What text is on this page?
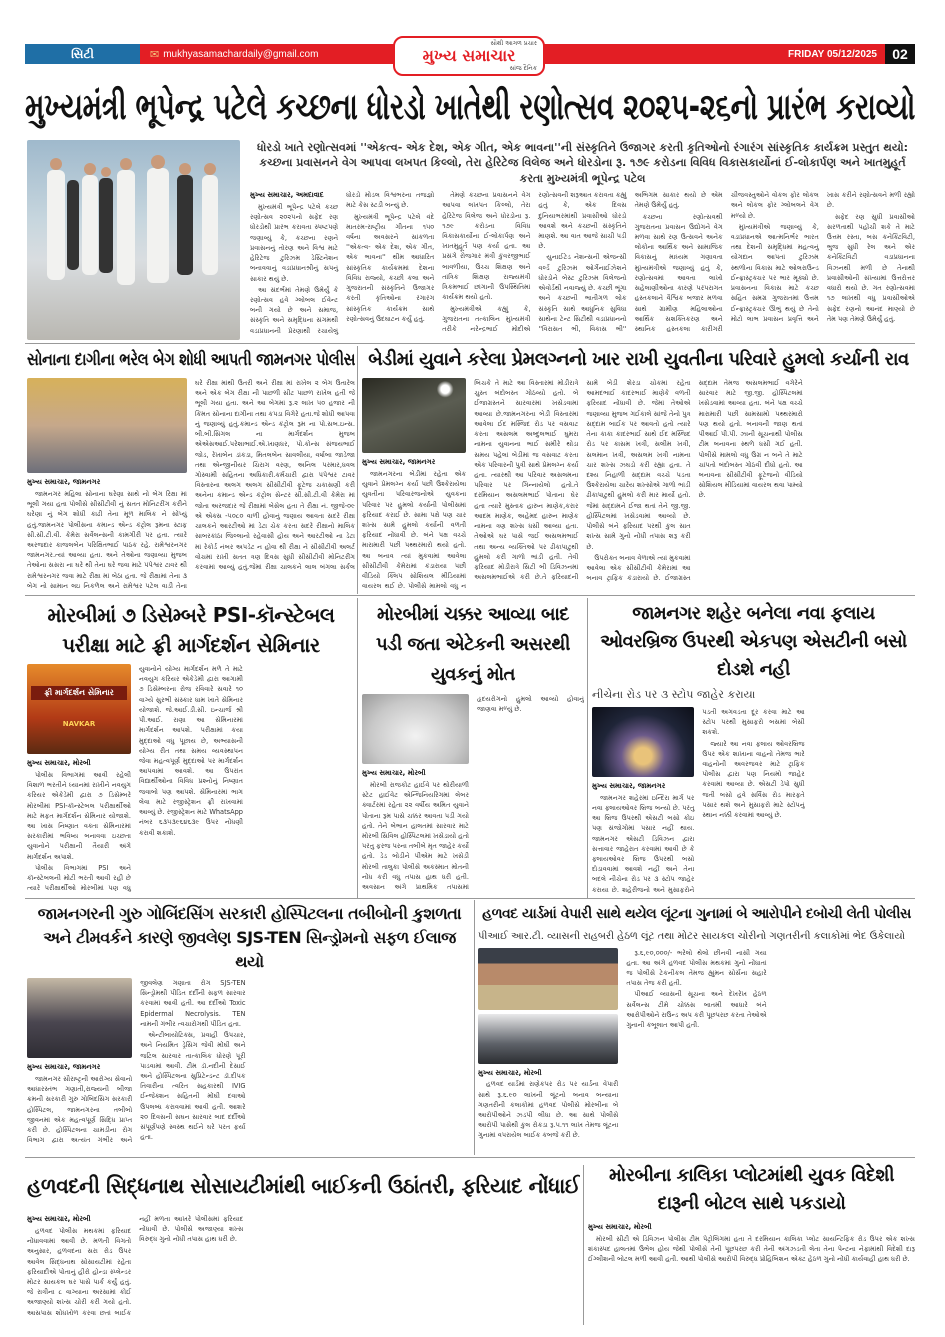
સિટી	✉ mukhyasamachardaily@gmail.com
સૌથી આગળ પ્રચાર
મુખ્ય સમાચાર
સાંજ દૈનિક
FRIDAY 05/12/2025	02
મુખ્યમંત્રી ભૂપેન્દ્ર પટેલે કચ્છના ધોરડો ખાતેથી રણોત્સવ ૨૦૨૫-૨૬નો પ્રારંભ કરાવ્યો
ધોરડો ખાતે રણોત્સવમાં ''એકત્વ- એક દેશ, એક ગીત, એક ભાવના''ની સંસ્કૃતિને ઉજાગર કરતી કૃતિઓનો રંગારંગ સાંસ્કૃતિક કાર્યક્રમ પ્રસ્તુત થયો: કચ્છના પ્રવાસનને વેગ આપવા લખપત કિલ્લો, તેરા હેરિટેજ વિલેજ અને ધોરડોના રૂ. ૧૭૯ કરોડના વિવિધ વિકાસકાર્યોનાં ઈ-લોકાર્પણ અને ખાતમુહૂર્ત કરતા મુખ્યમંત્રી ભૂપેન્દ્ર પટેલ
મુખ્ય સમાચાર, અમદાવાદ

મુખ્યમંત્રી ભૂપેન્દ્ર પટેલે કચ્છ રણોત્સવ ૨૦૨૫નો સફેદ રણ ધોરડોથી પ્રારંભ કરાવતા સ્પષ્ટપણે જણાવ્યું કે, કચ્છના રણને પ્રવાસનનું તોરણ અને વિશ્વ માટે હેરિટેજ ટુરિઝમ ડેસ્ટિનેશન બનાવવાનું વડાપ્રધાનશ્રીનું સપનું સાકાર થયું છે.

આ સંદર્ભમાં તેમણે ઉમેર્યું કે રણોત્સવ હવે ગ્લોબલ ઈવેન્ટ બની ગયો છે અને સમાજ, સંસ્કૃતિ અને સમૃદ્ધિના સંગમથી વડાપ્રધાનની પ્રેરણાથી રચાયેલું ધોરડો મોડલ વિશ્વભરના તજજ્ઞો માટે કેસ સ્ટડી બન્યું છે.

મુખ્યમંત્રી ભૂપેન્દ્ર પટેલે વંદે માતરમ-રાષ્ટ્રીય ગીતના ૧૫૦ વર્ષના અવસરને સાંકળતા ''એકત્વ- એક દેશ, એક ગીત, એક ભાવના'' થીમ આધારિત સાંસ્કૃતિક કાર્યક્રમમાં દેશના વિવિધ રાજ્યો, કચ્છી કલા અને ગુજરાતની સંસ્કૃતિને ઉજાગર કરતી કૃતિઓના રંગારંગ સાંસ્કૃતિક કાર્યક્રમ સાથે રણોત્સવનું ઉદઘાટન કર્યું હતું.

તેમણે કચ્છના પ્રવાસનને વેગ આપવા લખપત કિલ્લો, તેરા હેરિટેજ વિલેજ અને ધોરડોના રૂ. ૧૭૯ કરોડના વિવિધ વિકાસકાર્યોના ઈ-લોકાર્પણ અને ખાતમુહૂર્ત પણ કર્યા હતા. આ પ્રસંગે રોજગાર મંત્રી કુંવરજીભાઈ બાવળીયા, ઉચ્ચ શિક્ષણ અને તાંત્રિક શિક્ષણ રાજ્યમંત્રી ત્રિકમભાઈ છાંગાની ઉપસ્થિતિમાં કાર્યક્રમ થયો હતો.

મુખ્યમંત્રીએ કહ્યું કે, ગુજરાતના તત્કાલિન મુખ્યમંત્રી તરીકે નરેન્દ્રભાઈ મોદીએ રણોત્સવની શરૂઆત કરાવતા કહ્યું હતું કે, એક દિવસ દુનિયાભરમાંથી પ્રવાસીઓ ધોરડો આવશે અને કચ્છની સંસ્કૃતિને માણશે. આ વાત આજે સાચી પડી છે.

યુનાઈટેડ નેશન્સની એજન્સી વર્લ્ડ ટુરિઝમ ઓર્ગેનાઈઝેશને ધોરડોને બેસ્ટ ટુરિઝમ વિલેજનો એવોર્ડથી નવાજ્યું છે. કચ્છી ભૂંગા અને કચ્છની ભાતીગળ લોક સંસ્કૃતિ સાથે આધુનિક સુવિધા સાથેના ટેન્ટ સિટીથી વડાપ્રધાનનો ''વિરાસત ભી, વિકાસ ભી'' અભિગમ સાકાર થયો છે એમ તેમણે ઉમેર્યું હતું.

કચ્છના રણોત્સવથી ગુજરાતના પ્રવાસન ઉદ્યોગને વેગ મળવા સાથે રણ ઉત્સવને અનેક લોકોના આર્થિક અને સામાજિક વિકાસનું માધ્યમ ગણાવતા મુખ્યમંત્રીએ જણાવ્યું હતું કે, રણોત્સવમાં આવતા લાખો સહેલાણીઓના કારણે પરંપરાગત હસ્તકલાને વૈશ્વિક બજાર મળવા સાથે ગ્રામીણ મહિલાઓના આર્થિક સશક્તિકરણ અને સ્થાનિક હસ્તકલા કારીગરી ચીજવસ્તુઓને વોકલ ફોર લોકલ અને લોકલ ફોર ગ્લોબલને વેગ મળ્યો છે.

મુખ્યમંત્રીએ જણાવ્યું કે, વડાપ્રધાનએ આત્મનિર્ભર ભારત તથા દેશની સમૃદ્ધિમાં મહત્વનું યોગદાન આપતાં ટુરિઝમ સ્થળોના વિકાસ માટે ઓલરાઉન્ડ ઈન્ફ્રાસ્ટ્રક્ચર પર ભાર મૂક્યો છે. પ્રવાસનના વિકાસ માટે કચ્છ સહિત સમગ્ર ગુજરાતમાં ઉત્તમ ઈન્ફ્રાસ્ટ્રક્ચર ઊભું થયું છે તેનો મોટો લાભ પ્રવાસન પ્રવૃત્તિ અને ખાસ કરીને રણોત્સવને મળી રહ્યો છે.

સફેદ રણ સુધી પ્રવાસીઓ સરળતાથી પહોંચી શકે તે માટે ઉત્તમ રસ્તા, બસ કનેક્ટિવિટી, ભુજ સુધી રેલ અને એર કનેક્ટિવિટી વડાપ્રધાનના વિઝનથી મળી છે તેનાથી પ્રવાસીઓની સંખ્યામાં ઉત્તરોત્તર વધારો થયો છે. ગત રણોત્સવમાં ૧૭ લાખથી વધુ પ્રવાસીઓએ સફેદ રણનો આનંદ માણ્યો છે તેમ પણ તેમણે ઉમેર્યું હતું.

સોનાના દાગીના ભરેલ બેગ શોધી આપતી જામનગર પોલીસ
મુખ્ય સમાચાર, જામનગર

જામનગર મહિલા સોનાના ઘરેણા સાથે નો બેગ રિક્ષા માં ભૂલી ગયા હતા પોલીસે સીસીટીવી નું સતત મોનિટરીંગ કરીને ઘરેણા નું બેગ શોધી કાઢી તેના મૂળ માલિક ને સોંપ્યું હતું.જામનગર પોલીસના કમાન્ડ એન્ડ કંટ્રોલ રૂમના સ્ટાફ સી.સી.ટી.વી. કેમેરા સર્વેલન્સની કામગીરી પર હતા. ત્યારે અરજદાર કાજલબેન પરિક્ષિતભાઈ પાઠક રહે. રામેશ્વરનગર જામનગર.ત્યાં આવ્યા હતા. અને તેઓના જણાવ્યા મુજબ તેઓના સસરા ના ઘરે થી તેના ઘરે જવા માટે પંપેશ્વર ટાવર થી રામેશ્વરનગર જવા માટે રીક્ષા માં બેઠા હતા. જે રીક્ષામાં તેના ૩ બેગ નો સામાન લઇ નિકળેલ અને રામેશ્વર પટેલ વાડી તેના ઘરે રીક્ષા માંથી ઉતરી અને રીક્ષા માં રાખેલ ૨ બેગ ઉતારેલ અને એક બેગ રીક્ષા ની પાછળી સીટ પાછળ રાખેલ હતી જે ભૂલી ગયા હતા. અને આ બેગમાં રૂ.૨ લાખ ૫૦ હજાર ની કિંમત સોનાના દાગીના તથા કપડા વિગેરે હતા.જે શોધી આપવા નું જણાવ્યું હતું.કમાન્ડ એન્ડ કંટ્રોલ રૂમ ના પો.સબ.ઇન્સ. બી.બી.સિંગલ ના માર્ગદર્શન મુજબ એએસઆઈ.પરેશાભાઈ.એ.ખાણધર, પો.કોન્સ સંજયભાઈ જોડ, રેખાબેન ડાંકડા, મિતલબેન સાવલીયા, વર્ષાબા જાડેજા તથા એન્જીનીયર ચિરાગ વરણ, અનિલ પરમાર,ધવલ ગોસ્વામી સહિતના અધિકારી.કર્મચારી દ્વારા પંપેશ્વર ટાવર વિસ્તારના અલગ અલગ સીસીટીવી ફૂટેજ ચકાસણી કરી અનેના કમાન્ડ એન્ડ કંટ્રોલ સેન્ટર સી.સી.ટી.વી કેમેરા માં જોતા અરજદાર જે રીક્ષામાં બેસેલ હતા તે રીક્ષા નં. જીજે-૦૯ એ એક્સ -૫૦૮૦ વાળી હોવાનું જણાય આવતા સદરે રીક્ષા ચાલકને આરટીઓ માં ડેટા ચેક કરતા સદરે રીક્ષાનો માલિક સાબરકાંઠા જિલ્લાનો રહેવાસી હોય અને આરટીઓ ના ડેટા માં રેકોર્ડ નંબર અપડેટ ન હોવા થી રીક્ષા ને સીસીટીવી અલર્ટ વોચમાં રાખી સતત ત્રણ દિવસ સુધી સીસીટીવી મોનિટરીંગ કરવામાં આવ્યું હતું.જેમાં રીક્ષા ચાલકને લાલ બંગલા સર્કલ

બેડીમાં યુવાને કરેલા પ્રેમલગ્નનો ખાર રાખી યુવતીના પરિવારે હુમલો કર્યાની રાવ
મુખ્ય સમાચાર, જામનગર

જામનગરના બેડીમાં રહેતા એક યુવાને પ્રેમલગ્ન કર્યા પછી ઉશ્કેરાયેલા યુવતીના પરિવારજનોએ યુવકના પરિવાર પર હુમલો કર્યાની પોલીસમાં ફરિયાદ કરાઈ છે. સામા પક્ષે પણ ચાર શખ્સ સામે હુમલો કર્યાની વળતી ફરિયાદ નોંધાવી છે. બંને પક્ષ વચ્ચે મારામારી પછી પથ્થરમારો થયો હતો. આ બનાવ ત્યાં મુકવામાં આવેલા સીસીટીવી કેમેરામાં કંડારાયા પછી વીડિયો ક્લિપ સોશિયલ મીડિયામાં વાયરલ થઈ છે. પોલીસે મામલો વધુ ન બિચકે તે માટે આ વિસ્તારમાં મોડીરાત્રે ચુસ્ત બંદોબસ્ત ગોઠવ્યો હતો. બે ઈજાગ્રસ્તને સારવારમાં ખસેડવામાં આવ્યા છે.જામનગરના બેડી વિસ્તારમાં આવેલા ઈદ મસ્જિદ રોડ પર વસવાટ કરતા અસલમ અબ્દુલભાઈ ઘુમરા નામના યુવાનના ભાઈ સમીરે થોડા સમય પહેલાં બેડીમાં જ વસવાટ કરતા એક પરિવારની પુત્રી સાથે પ્રેમલગ્ન કર્યા હતા. ત્યારથી આ પરિવાર અસલમના પરિવાર પર ગિન્નાયેલો હતો.તે દરમિયાન અસલમભાઈ પોતાના ઘેર હતા ત્યારે મુસ્તાક હારુન માણેક,કરાર આદમ માણેક, અહેમદ હારુન માણેક નામના ત્રણ શખ્સ ધસી આવ્યા હતા. તેઓએ ઘર પાસે જઈ અસલમભાઈ તથા અન્ય વ્યક્તિઓ પર ઢીકાપાટુથી હુમલો કરી ગાળો ભાંડી હતી. તેવી ફરિયાદ મોડીરાત્રે સિટી બી ડિવિઝનમાં અસલમભાઈએ કરી છે.તે ફરિયાદની સામે બેડી શેરડા ચોકમાં રહેતા આમદભાઈ કાદરભાઈ માણેકે વળતી ફરિયાદ નોંધાવી છે. જેમાં તેઓએ જણાવ્યા મુજબ ગઈકાલે સાંજે તેનો પુત્ર સદ્દામ બાઈક પર આવતો હતો ત્યારે તેના કાકા કાદરભાઈ સાથે ઈદ મસ્જિદ રોડ પર કાસમ ખત્રી, સલીમ ખત્રી, સલમાન ખત્રી, અસલમ ખત્રી નામના ચાર શખ્સ ઝઘડો કરી રહ્યા હતા. તે દશ્ય નિહાળી સદ્દામ વચ્ચે પડતા ઉશ્કેરાયેલા ચારેય શખ્સોએ ગાળો ભાંડી ઢીકાપાટુથી હુમલો કરી માર માર્યો હતો. જેમાં સદ્દામને ઈજા થતાં તેને જી.જી. હોસ્પિટલમાં ખસેડવામાં આવ્યો છે. પોલીસે બંને ફરિયાદ પરથી કુલ સાત શખ્સ સામે ગુનો નોંધી તપાસ શરૂ કરી છે.

ઉપરોક્ત બનાવ વેળાએ ત્યાં મુકવામાં આવેલા એક સીસીટીવી કેમેરામાં આ બનાવ ટ્રાફિક કંડારાયો છે. ઈજાગ્રસ્ત સદ્દામ તેમજ અસલમભાઈ વગેરેને સારવાર માટે જી.જી. હોસ્પિટલમાં ખસેડવામાં આવ્યા હતા. બંને પક્ષ વચ્ચે મારામારી પછી સામસામો પથ્થરમારો પણ થયો હતો. બનાવની જાણ થતાં પીઆઈ પી.પી. ઝાની સૂચનાથી પોલીસ ટીમ બનાવના સ્થળે ધસી ગઈ હતી. પોલીસે મામલો વધુ ઉગ્ર ન બને તે માટે ચાંપતો બંદોબસ્ત ગોઠવી દીધો હતો. આ બનાવના સીસીટીવી ફૂટેજનો વીડિયો સોશિયલ મીડિયામાં વાયરલ થવા પામ્યો છે.

મોરબીમાં ૭ ડિસેમ્બરે PSI-કૉન્સ્ટેબલ પરીક્ષા માટે ફ્રી માર્ગદર્શન સેમિનાર
ફ્રી માર્ગદર્શન સેમિનાર
NAVKAR
મુખ્ય સમાચાર, મોરબી

પોલીસ વિભાગમાં આવી રહેલી વિશાળ ભરતીને ધ્યાનમાં રાખીને નવયુગ કરિયર એકેડેમી દ્વારા ૭ ડિસેમ્બરે મોરબીમાં PSI-કૉન્સ્ટેબલ પરીક્ષાર્થીઓ માટે મફત માર્ગદર્શન સેમિનાર યોજાશે. આ ખાસ નિષ્ણાત વક્તા સેમિનારમાં સરકારીમાં ભવિષ્ય બનાવવા ઇચ્છતા યુવાનોને પરીક્ષાની તૈયારી અંગે માર્ગદર્શન અપાશે.

પોલીસ વિભાગમાં PSI અને કૉન્સ્ટેબલની મોટી ભરતી આવી રહી છે ત્યારે પરીક્ષાર્થીઓ મોરબીમાં પણ વધુ યુવાનોને યોગ્ય માર્ગદર્શન મળે તે માટે નવયુગ કરિયર એકેડેમી દ્વારા આગામી ૭ ડિસેમ્બરના રોજ રવિવારે સવારે ૧૦ વાગ્યે સુરભી સંસ્કાર ધામ ખાતે સેમિનાર યોજાશે. જે.આઈ.ડી.સી. ઇન્ચાર્જ શ્રી પી.આઈ. રાણા આ સેમિનારમાં માર્ગદર્શન આપશે. પરીક્ષામાં કયા મુદ્દાઓ વધુ પૂછાય છે, અભ્યાસની યોગ્ય રીત તથા સમય વ્યવસ્થાપન જેવા મહત્વપૂર્ણ મુદ્દાઓ પર માર્ગદર્શન આપવામાં આવશે. આ ઉપરાંત વિદ્યાર્થીઓના વિવિધ પ્રશ્નોનું નિષ્ણાત જવાબો પણ આપશે. સેમિનારમાં ભાગ લેવા માટે રજીસ્ટ્રેશન ફ્રી રાખવામાં આવ્યું છે. રજીસ્ટ્રેશન માટે WhatsApp નંબર ૬૩૫૩૯૬૪૬૩૯ ઉપર નોંધણી કરાવી શકાશે.

મોરબીમાં ચક્કર આવ્યા બાદ પડી જતા એટેકની અસરથી યુવકનું મોત
મુખ્ય સમાચાર, મોરબી

મોરબી રાજકોટ હાઈવે પર થોરીયાળી સ્ટેટ હાઈવેટ એન્જિનિયરિંગમાં લેબર ક્વાર્ટરમાં રહેતા ૨૨ વર્ષીય અમિત યુવાને પોતાના રૂમ પાસે ચક્કર આવતા પડી ગયો હતો. તેને બેભાન હાલતમાં સારવાર માટે મોરબી સિવિલ હોસ્પિટલમાં ખસેડાયો હતો પરંતુ ફરજ પરના તબીબે મૃત જાહેર કર્યો હતો. ડેડ બોડીને પીએમ માટે ખસેડી મોરબી તાલુકા પોલીસે અકસ્માત મોતની નોંધ કરી વધુ તપાસ હાથ ધરી હતી. અવસાન અંગે પ્રાથમિક તપાસમાં હૃદયરોગનો હુમલો આવ્યો હોવાનું જાણવા મળ્યું છે.

જામનગર શહેર બનેલા નવા ફલાય ઓવરબ્રિજ ઉપરથી એકપણ એસટીની બસો દોડશે નહી
નીચેના રોડ પર ૩ સ્ટોપ જાહેર કરાયા
મુખ્ય સમાચાર, જામનગર

જામનગર શહેરમાં ઇન્દિરા માર્ગ પર નવા ફ્લાયઓવર બ્રિજ બન્યો છે. પરંતુ આ બ્રિજ ઉપરથી એસટી બસો કોઇ પણ સંજોગોમાં પસાર નહીં થાય. જામનગર એસટી ડિવિઝન દ્વારા સત્તાવાર જાહેરાત કરવામાં આવી છે કે ફ્લાયઓવર બ્રિજ ઉપરથી બસો દોડાવવામાં આવશે નહીં અને તેના બદલે નીચેના રોડ પર ૩ સ્ટોપ જાહેર કરાયા છે. શહેરીજનો અને મુસાફરોને પડતી અગવડતા દૂર કરવા માટે આ સ્ટોપ પરથી મુસાફરો બસમાં બેસી શકશે.

જ્યારે આ નવા ફલાય ઓવરબ્રિજ ઉપર એક શાખાના વાહનો તેમજ ભારે વાહનોની અવરજવર માટે ટ્રાફિક પોલીસ દ્વારા પણ નિયમો જાહેર કરવામાં આવ્યા છે. એસટી ડેપો સુધી જતી બસો હવે સર્વિસ રોડ મારફતે પસાર થશે અને મુસાફરો માટે સ્ટોપનું સ્થાન નક્કી કરવામાં આવ્યું છે.

જામનગરની ગુરુ ગોબિંદસિંગ સરકારી હોસ્પિટલના તબીબોની કુશળતા અને ટીમવર્કને કારણે જીવલેણ SJS-TEN સિન્ડ્રોમનો સફળ ઈલાજ થયો
મુખ્ય સમાચાર, જામનગર

જામનગર સૌરાષ્ટ્રની આરોગ્ય સેવાનો આધારસ્તંભ ગણાતી,રાજ્યની બીજા ક્રમની સરકારી ગુરુ ગોબિંદસિંગ સરકારી હોસ્પિટલ, જામનગરના તબીબો જીવનમાં એક મહત્વપૂર્ણ સિદ્ધિ પ્રાપ્ત કરી છે. હોસ્પિટલના ચામડીના રોગ વિભાગ દ્વારા અત્યંત ગંભીર અને જીવલેણ ગણાતા રોગ SJS-TEN સિન્ડ્રોમથી પીડિત દર્દીની સફળ સારવાર કરવામાં આવી હતી. આ દર્દીઓ Toxic Epidermal Necrolysis. TEN નામની ગંભીર ત્વચારોગથી પીડિત હતા.

એન્ટીબાયોટિક્સ, પ્રવાહી ઉપચાર, અને નિયમિત ડ્રેસિંગ જેવી મોંઘી અને જટિલ સારવાર તાત્કાલિક ધોરણે પૂરી પાડવામાં આવી. ટીમ ડૉ.નદીની દેસાઈ અને હોસ્પિટલના સુપ્રિટેન્ડન્ટ ડૉ.દીપક તિવારીના ત્વરિત સહકારથી IVIG ઈન્જેક્શન સહિતની મોંઘી દવાઓ ઉપલબ્ધ કરાવવામાં આવી હતી. આશરે ૨૦ દિવસની સઘન સારવાર બાદ દર્દીઓ સંપૂર્ણપણે સ્વસ્થ થઈને ઘરે પરત ફર્યા હતા.

હળવદ યાર્ડમાં વેપારી સાથે થયેલ લૂંટના ગુનામાં બે આરોપીને દબોચી લેતી પોલીસ
પીઆઈ આર.ટી. વ્યાસની રાહબરી હેઠળ લૂંટ તથા મોટર સાયકલ ચોરીનો ગણતરીની કલાકોમાં ભેદ ઉકેલાયો
મુખ્ય સમાચાર, મોરબી

હળવદ યાર્ડમાં રાણેકપર રોડ પર યાર્ડના વેપારી સાથે રૂ.૬.૯૦ લાખની લૂંટનો બનાવ બન્યાના ગણતરીની કલાકોમાં હળવદ પોલીસે મોરબીના બે આરોપીઓને ઝડપી લીધા છે. આ સાથે પોલીસે આરોપી પાસેથી કુલ રોકડા રૂ.૫.૧૧ લાખ તેમજ લૂંટના ગુનામાં વપરાયેલ બાઈક કબજે કરી છે.

રૂ.૬,૯૦,૦૦૦/- ભરેલો થેલો છીનવી નાસી ગયા હતા. આ અંગે હળવદ પોલીસ મથકમાં ગુનો નોંધાતાં જ પોલીસે ટેકનીકલ તેમજ હ્યુમન સોર્સના સહારે તપાસ તેજ કરી હતી.

પીઆઈ વ્યાસની સૂચના અને દેખરેખ હેઠળ સર્વેલન્સ ટીમે ચોક્કસ બાતમી આધારે બંને આરોપીઓને રાઉન્ડ અપ કરી પૂછપરછ કરતા તેઓએ ગુનાની કબૂલાત આપી હતી.

હળવદની સિદ્ધનાથ સોસાયટીમાંથી બાઈકની ઉઠાંતરી, ફરિયાદ નોંધાઈ
મુખ્ય સમાચાર, મોરબી

હળવદ પોલીસ મથકમાં ફરિયાદ નોંધાવવામાં આવી છે. મળતી વિગતો અનુસાર, હળવદના સરા રોડ ઉપર આવેલ સિદ્ધનાથ સોસાયટીમાં રહેતા ફરિયાદીએ પોતાનું હીરો હોન્ડા સ્પ્લેન્ડર મોટર સાયકલ ઘર પાસે પાર્ક કર્યું હતું. જે રાત્રીના ૮ વાગ્યાના અરસામાં કોઈ અજાણ્યો શખ્સ ચોરી કરી ગયો હતો. આસપાસ શોધખોળ કરવા છતાં બાઈક નહીં મળતા આખરે પોલીસમાં ફરિયાદ નોંધાવી છે. પોલીસે અજાણ્યા શખ્સ વિરુદ્ધ ગુનો નોંધી તપાસ હાથ ધરી છે.

મોરબીના કાલિકા પ્લોટમાંથી યુવક વિદેશી દારૂની બોટલ સાથે પકડાયો
મુખ્ય સમાચાર, મોરબી

મોરબી સીટી એ ડિવિઝન પોલીસ ટીમ પેટ્રોલિંગમાં હતા તે દરમિયાન કાલિકા પ્લોટ સાયન્ટિફિક રોડ ઉપર એક શખ્સ શંકાસ્પદ હાલતમાં ઉભેલ હોય જેથી પોલીસે તેની પૂછપરછ કરી તેની અંગઝડતી લેતા તેના પેન્ટના નેફામાંથી વિદેશી દારૂ ઈંગ્લીશની બોટલ મળી આવી હતી. આથી પોલીસે આરોપી વિરુદ્ધ પ્રોહિબિશન એક્ટ હેઠળ ગુનો નોંધી કાર્યવાહી હાથ ધરી છે.
